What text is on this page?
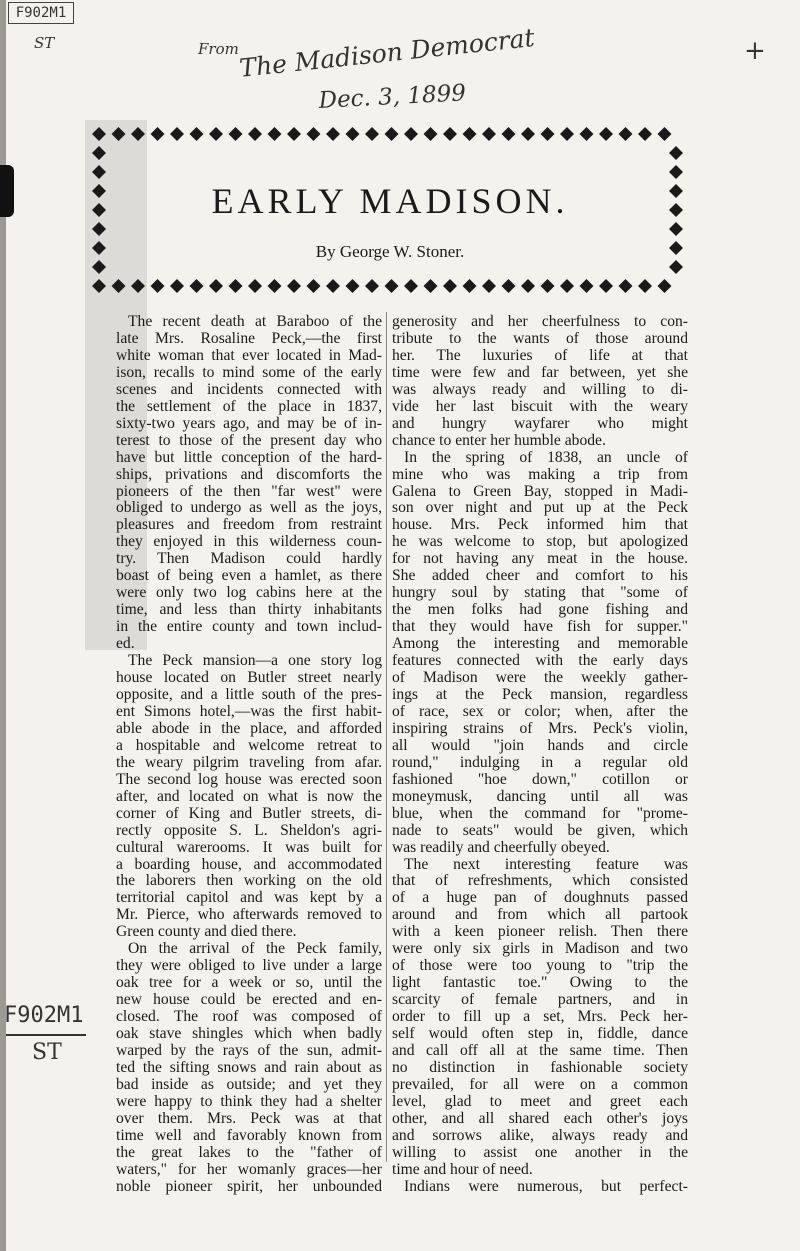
F902M1
ST	From The Madison Democrat
Dec. 3, 1899
+
F902M1
ST
EARLY MADISON.
By George W. Stoner.
The recent death at Baraboo of the
late Mrs. Rosaline Peck,—the first
white woman that ever located in Mad-
ison, recalls to mind some of the early
scenes and incidents connected with
the settlement of the place in 1837,
sixty-two years ago, and may be of in-
terest to those of the present day who
have but little conception of the hard-
ships, privations and discomforts the
pioneers of the then "far west" were
obliged to undergo as well as the joys,
pleasures and freedom from restraint
they enjoyed in this wilderness coun-
try. Then Madison could hardly
boast of being even a hamlet, as there
were only two log cabins here at the
time, and less than thirty inhabitants
in the entire county and town includ-
ed.
The Peck mansion—a one story log
house located on Butler street nearly
opposite, and a little south of the pres-
ent Simons hotel,—was the first habit-
able abode in the place, and afforded
a hospitable and welcome retreat to
the weary pilgrim traveling from afar.
The second log house was erected soon
after, and located on what is now the
corner of King and Butler streets, di-
rectly opposite S. L. Sheldon's agri-
cultural warerooms. It was built for
a boarding house, and accommodated
the laborers then working on the old
territorial capitol and was kept by a
Mr. Pierce, who afterwards removed to
Green county and died there.
On the arrival of the Peck family,
they were obliged to live under a large
oak tree for a week or so, until the
new house could be erected and en-
closed. The roof was composed of
oak stave shingles which when badly
warped by the rays of the sun, admit-
ted the sifting snows and rain about as
bad inside as outside; and yet they
were happy to think they had a shelter
over them. Mrs. Peck was at that
time well and favorably known from
the great lakes to the "father of
waters," for her womanly graces—her
noble pioneer spirit, her unbounded
generosity and her cheerfulness to con-
tribute to the wants of those around
her. The luxuries of life at that
time were few and far between, yet she
was always ready and willing to di-
vide her last biscuit with the weary
and hungry wayfarer who might
chance to enter her humble abode.
In the spring of 1838, an uncle of
mine who was making a trip from
Galena to Green Bay, stopped in Madi-
son over night and put up at the Peck
house. Mrs. Peck informed him that
he was welcome to stop, but apologized
for not having any meat in the house.
She added cheer and comfort to his
hungry soul by stating that "some of
the men folks had gone fishing and
that they would have fish for supper."
Among the interesting and memorable
features connected with the early days
of Madison were the weekly gather-
ings at the Peck mansion, regardless
of race, sex or color; when, after the
inspiring strains of Mrs. Peck's violin,
all would "join hands and circle
round," indulging in a regular old
fashioned "hoe down," cotillon or
moneymusk, dancing until all was
blue, when the command for "prome-
nade to seats" would be given, which
was readily and cheerfully obeyed.
The next interesting feature was
that of refreshments, which consisted
of a huge pan of doughnuts passed
around and from which all partook
with a keen pioneer relish. Then there
were only six girls in Madison and two
of those were too young to "trip the
light fantastic toe." Owing to the
scarcity of female partners, and in
order to fill up a set, Mrs. Peck her-
self would often step in, fiddle, dance
and call off all at the same time. Then
no distinction in fashionable society
prevailed, for all were on a common
level, glad to meet and greet each
other, and all shared each other's joys
and sorrows alike, always ready and
willing to assist one another in the
time and hour of need.
Indians were numerous, but perfect-
